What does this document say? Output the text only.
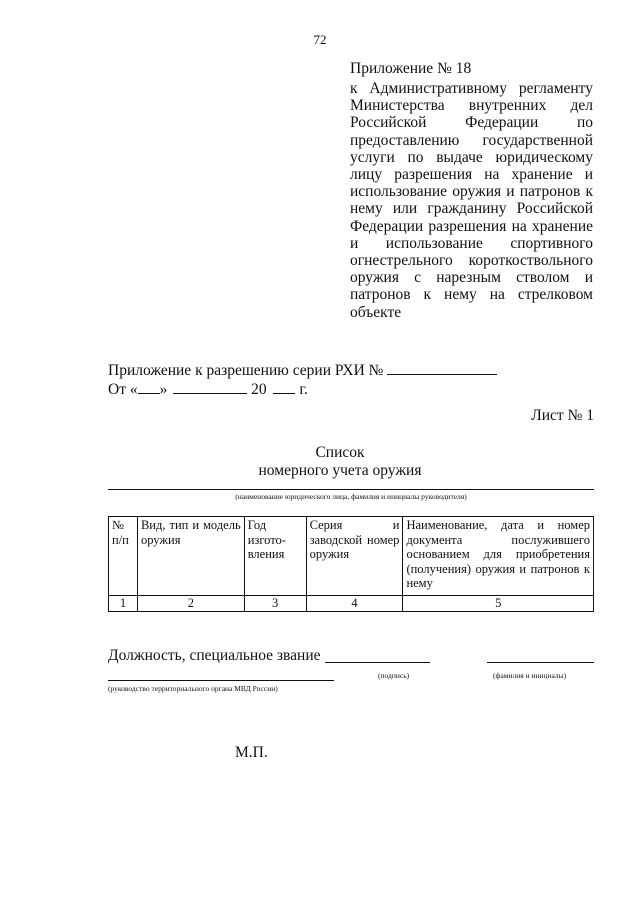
72
Приложение № 18
к Административному регламенту Министерства внутренних дел Российской Федерации по предоставлению государственной услуги по выдаче юридическому лицу разрешения на хранение и использование оружия и патронов к нему или гражданину Российской Федерации разрешения на хранение и использование спортивного огнестрельного короткоствольного оружия с нарезным стволом и патронов к нему на стрелковом объекте
Приложение к разрешению серии РХИ №
От « »	20 г.
Лист № 1
Список
номерного учета оружия
(наименование юридического лица, фамилия и инициалы руководителя)
№ п/п	Вид, тип и модель оружия	Год изгото-вления	Серия и заводской номер оружия	Наименование, дата и номер документа послужившего основанием для приобретения (получения) оружия и патронов к нему
1	2	3	4	5
Должность, специальное звание
(руководство территориального органа МВД России)
(подпись)	(фамилия и инициалы)
М.П.
